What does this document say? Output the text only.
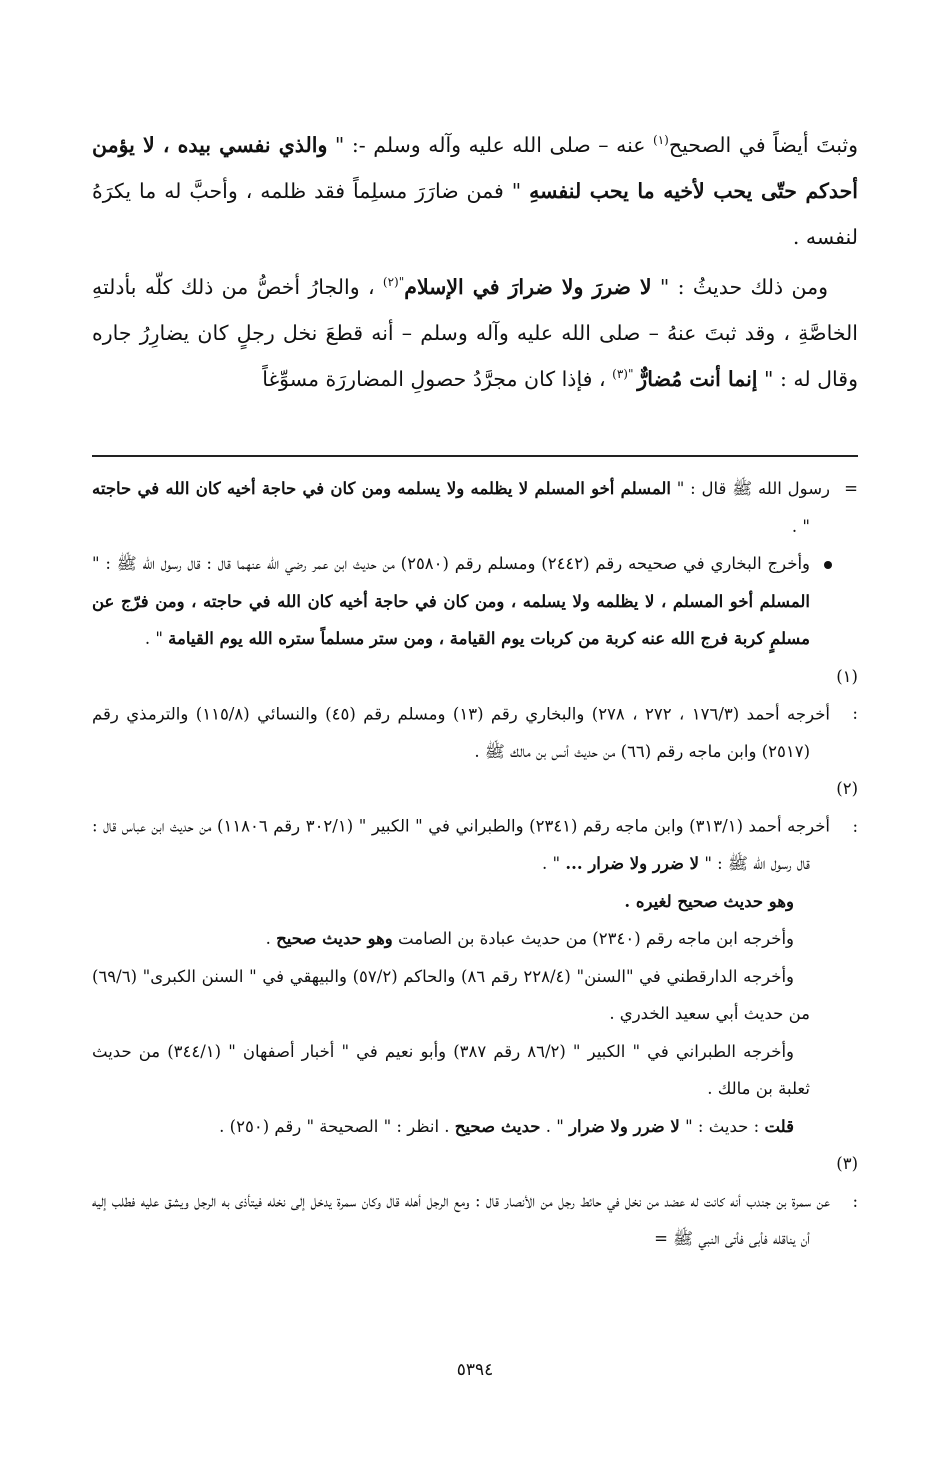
وثبتَ أيضاً في الصحيح$^{(١)}$ عنه – صلى الله عليه وآله وسلم -: " والذي نفسي بيده ، لا يؤمن أحدكم حتّى يحب لأخيه ما يحب لنفسهِ " فمن ضارَرَ مسلِماً فقد ظلمه ، وأحبَّ له ما يكرَهُ لنفسه .

ومن ذلك حديثُ : " لا ضررَ ولا ضرارَ في الإسلام$^{"(٢)}$ ، والجارُ أخصُّ من ذلك كلّه بأدلتهِ الخاصَّةِ ، وقد ثبتَ عنهُ – صلى الله عليه وآله وسلم – أنه قطعَ نخل رجلٍ كان يضارِرُ جاره وقال له : " إنما أنت مُضارٌّ $^{"(٣)}$ ، فإذا كان مجرَّدُ حصولِ المضاررَة مسوِّغاً

=رسول الله ﷺ قال : " المسلم أخو المسلم لا يظلمه ولا يسلمه ومن كان في حاجة أخيه كان الله في حاجته " .

وأخرج البخاري في صحيحه رقم (٢٤٤٢) ومسلم رقم (٢٥٨٠) من حديث ابن عمر رضي الله عنهما قال : قال رسول الله ﷺ : " المسلم أخو المسلم ، لا يظلمه ولا يسلمه ، ومن كان في حاجة أخيه كان الله في حاجته ، ومن فرّج عن مسلمٍ كربة فرج الله عنه كربة من كربات يوم القيامة ، ومن ستر مسلماً ستره الله يوم القيامة " .

(١) :أخرجه أحمد (١٧٦/٣ ، ٢٧٢ ، ٢٧٨) والبخاري رقم (١٣) ومسلم رقم (٤٥) والنسائي (١١٥/٨) والترمذي رقم (٢٥١٧) وابن ماجه رقم (٦٦) من حديث أنس بن مالك ﷺ .

(٢) :أخرجه أحمد (٣١٣/١) وابن ماجه رقم (٢٣٤١) والطبراني في " الكبير " (٣٠٢/١ رقم ١١٨٠٦) من حديث ابن عباس قال : قال رسول الله ﷺ : " لا ضرر ولا ضرار ... " .

وهو حديث صحيح لغيره .

وأخرجه ابن ماجه رقم (٢٣٤٠) من حديث عبادة بن الصامت وهو حديث صحيح .

وأخرجه الدارقطني في "السنن" (٢٢٨/٤ رقم ٨٦) والحاكم (٥٧/٢) والبيهقي في " السنن الكبرى" (٦٩/٦) من حديث أبي سعيد الخدري .

وأخرجه الطبراني في " الكبير " (٨٦/٢ رقم ٣٨٧) وأبو نعيم في " أخبار أصفهان " (٣٤٤/١) من حديث ثعلبة بن مالك .

قلت : حديث : " لا ضرر ولا ضرار " . حديث صحيح . انظر : " الصحيحة " رقم (٢٥٠) .

(٣) :عن سمرة بن جندب أنه كانت له عضد من نخل في حائط رجل من الأنصار قال : ومع الرجل أهله قال وكان سمرة يدخل إلى نخله فيتأذى به الرجل ويشق عليه فطلب إليه أن يناقله فأبى فأتى النبي ﷺ =

٥٣٩٤
